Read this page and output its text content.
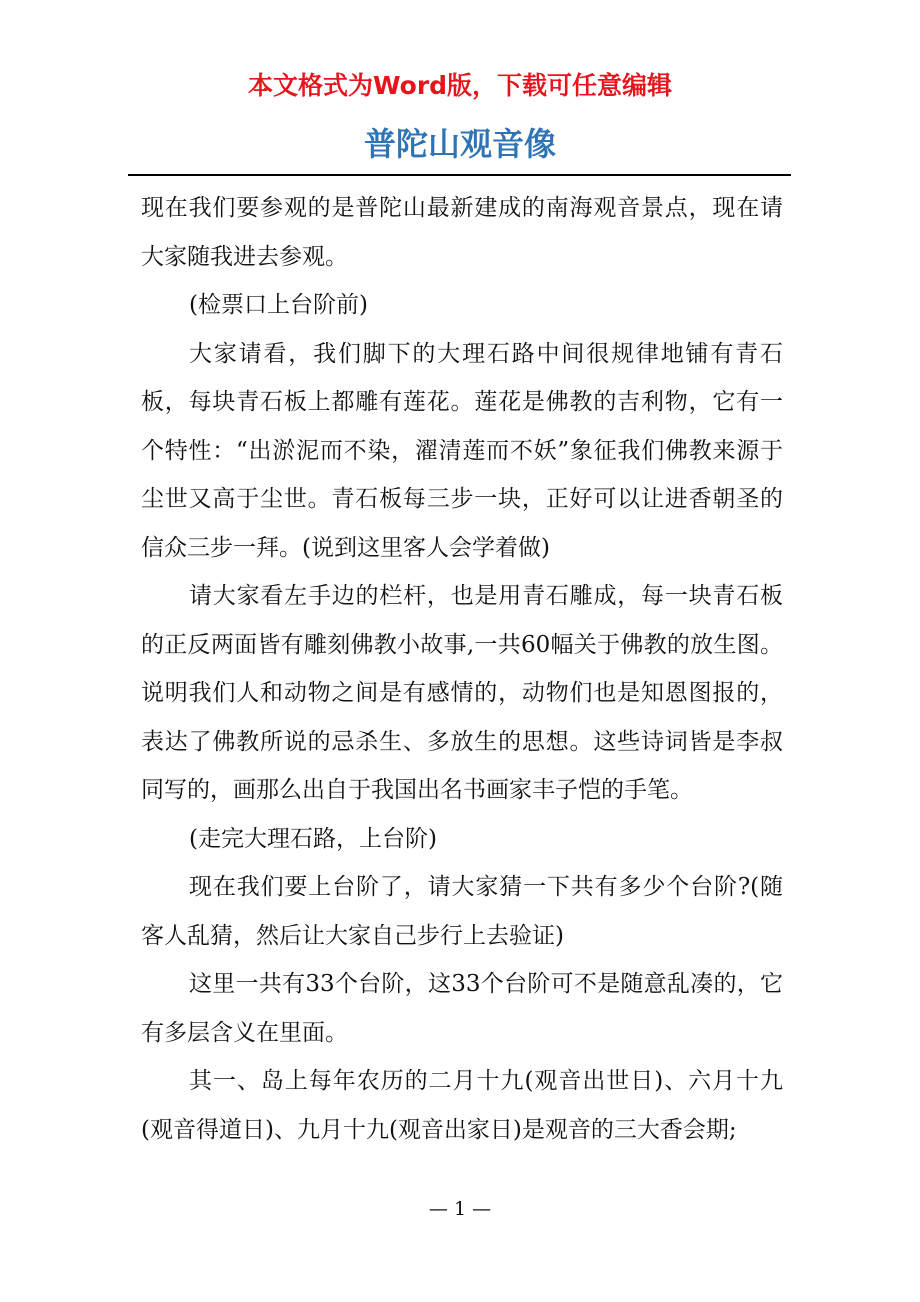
本文格式为Word版，下载可任意编辑
普陀山观音像

现在我们要参观的是普陀山最新建成的南海观音景点，现在请大家随我进去参观。

(检票口上台阶前)

大家请看，我们脚下的大理石路中间很规律地铺有青石板，每块青石板上都雕有莲花。莲花是佛教的吉利物，它有一个特性：“出淤泥而不染，濯清莲而不妖”象征我们佛教来源于尘世又高于尘世。青石板每三步一块，正好可以让进香朝圣的信众三步一拜。(说到这里客人会学着做)

请大家看左手边的栏杆，也是用青石雕成，每一块青石板的正反两面皆有雕刻佛教小故事,一共60幅关于佛教的放生图。说明我们人和动物之间是有感情的，动物们也是知恩图报的，表达了佛教所说的忌杀生、多放生的思想。这些诗词皆是李叔同写的，画那么出自于我国出名书画家丰子恺的手笔。

(走完大理石路，上台阶)

现在我们要上台阶了，请大家猜一下共有多少个台阶?(随客人乱猜，然后让大家自己步行上去验证)

这里一共有33个台阶，这33个台阶可不是随意乱凑的，它有多层含义在里面。

其一、岛上每年农历的二月十九(观音出世日)、六月十九(观音得道日)、九月十九(观音出家日)是观音的三大香会期;

— 1 —
